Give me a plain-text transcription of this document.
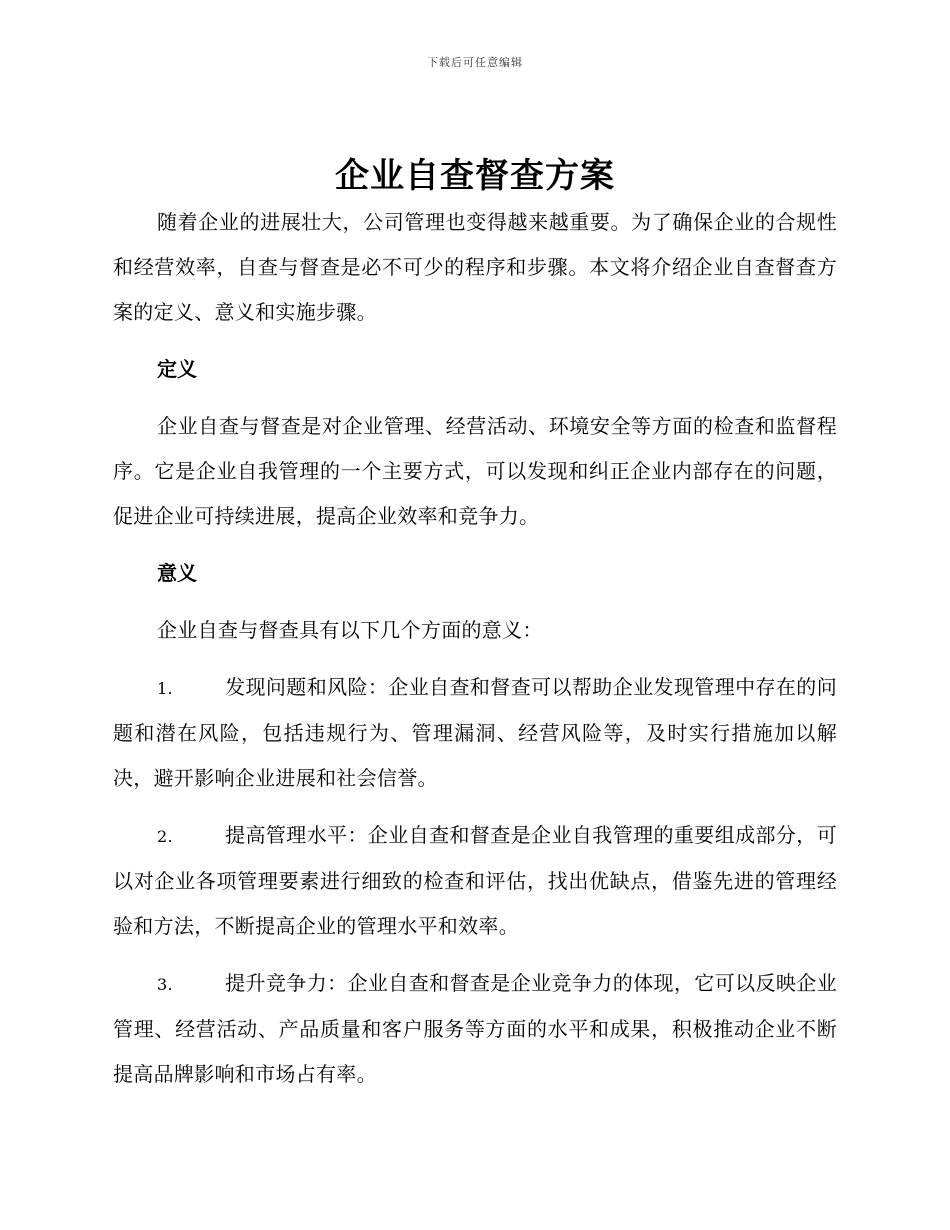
下载后可任意编辑
企业自查督查方案

随着企业的进展壮大，公司管理也变得越来越重要。为了确保企业的合规性和经营效率，自查与督查是必不可少的程序和步骤。本文将介绍企业自查督查方案的定义、意义和实施步骤。

定义

企业自查与督查是对企业管理、经营活动、环境安全等方面的检查和监督程序。它是企业自我管理的一个主要方式，可以发现和纠正企业内部存在的问题，促进企业可持续进展，提高企业效率和竞争力。

意义

企业自查与督查具有以下几个方面的意义：

1.	发现问题和风险：企业自查和督查可以帮助企业发现管理中存在的问题和潜在风险，包括违规行为、管理漏洞、经营风险等，及时实行措施加以解决，避开影响企业进展和社会信誉。

2.	提高管理水平：企业自查和督查是企业自我管理的重要组成部分，可以对企业各项管理要素进行细致的检查和评估，找出优缺点，借鉴先进的管理经验和方法，不断提高企业的管理水平和效率。

3.	提升竞争力：企业自查和督查是企业竞争力的体现，它可以反映企业管理、经营活动、产品质量和客户服务等方面的水平和成果，积极推动企业不断提高品牌影响和市场占有率。
